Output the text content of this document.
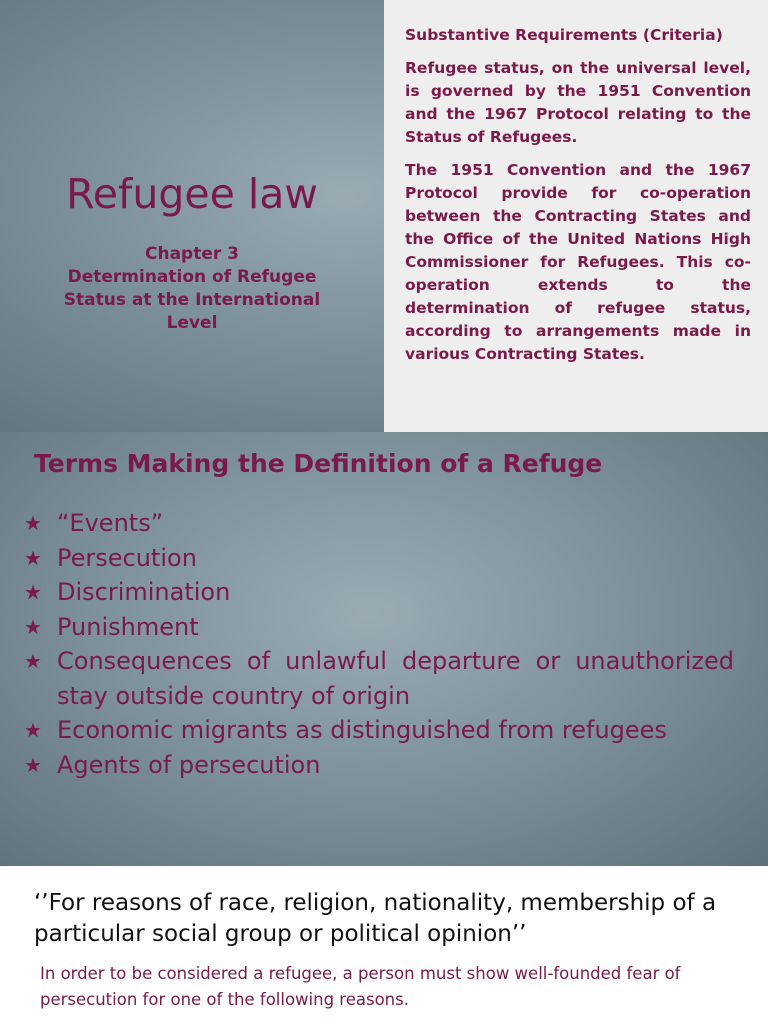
Refugee law
Chapter 3
Determination of Refugee
Status at the International
Level

Substantive Requirements (Criteria)

Refugee status, on the universal level, is governed by the 1951 Convention and the 1967 Protocol relating to the Status of Refugees.

The 1951 Convention and the 1967 Protocol provide for co-operation between the Contracting States and the Office of the United Nations High Commissioner for Refugees. This co-operation extends to the determination of refugee status, according to arrangements made in various Contracting States.

Terms Making the Definition of a Refuge
★ “Events”
★ Persecution
★ Discrimination
★ Punishment
★ Consequences of unlawful departure or unauthorized stay outside country of origin
★ Economic migrants as distinguished from refugees
★ Agents of persecution
‘’For reasons of race, religion, nationality, membership of a particular social group or political opinion’’
In order to be considered a refugee, a person must show well-founded fear of persecution for one of the following reasons.
